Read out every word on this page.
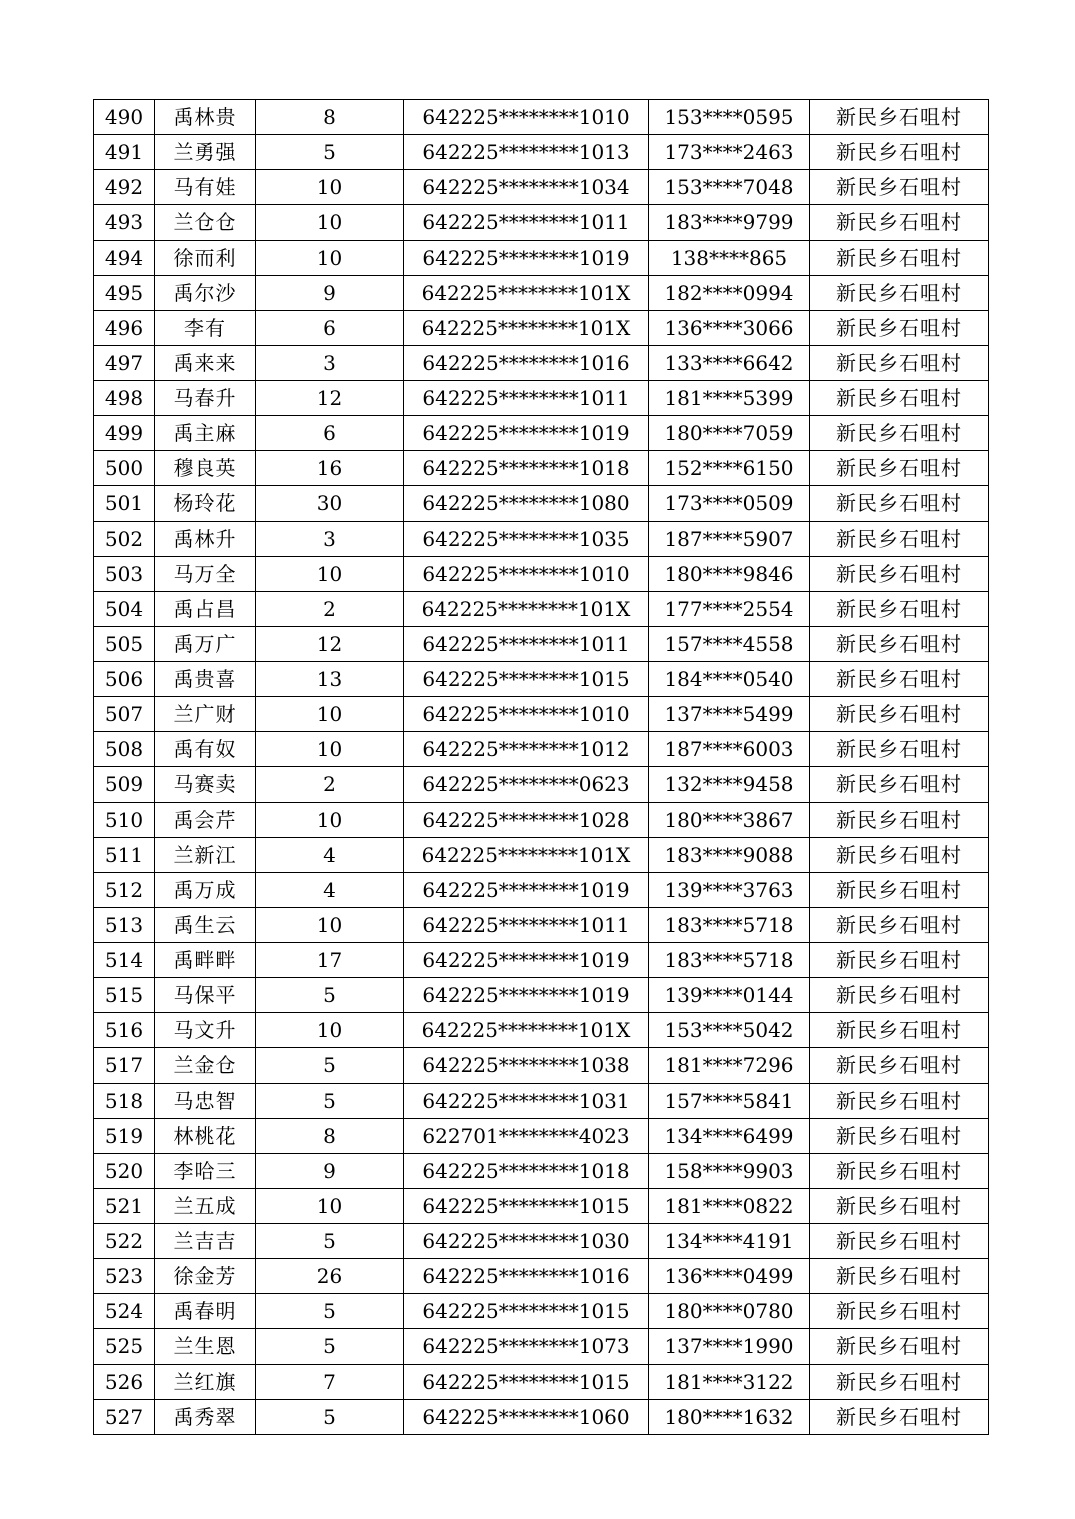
490	禹林贵	8	642225********1010	153****0595	新民乡石咀村
491	兰勇强	5	642225********1013	173****2463	新民乡石咀村
492	马有娃	10	642225********1034	153****7048	新民乡石咀村
493	兰仓仓	10	642225********1011	183****9799	新民乡石咀村
494	徐而利	10	642225********1019	138****865	新民乡石咀村
495	禹尔沙	9	642225********101X	182****0994	新民乡石咀村
496	李有	6	642225********101X	136****3066	新民乡石咀村
497	禹来来	3	642225********1016	133****6642	新民乡石咀村
498	马春升	12	642225********1011	181****5399	新民乡石咀村
499	禹主麻	6	642225********1019	180****7059	新民乡石咀村
500	穆良英	16	642225********1018	152****6150	新民乡石咀村
501	杨玲花	30	642225********1080	173****0509	新民乡石咀村
502	禹林升	3	642225********1035	187****5907	新民乡石咀村
503	马万全	10	642225********1010	180****9846	新民乡石咀村
504	禹占昌	2	642225********101X	177****2554	新民乡石咀村
505	禹万广	12	642225********1011	157****4558	新民乡石咀村
506	禹贵喜	13	642225********1015	184****0540	新民乡石咀村
507	兰广财	10	642225********1010	137****5499	新民乡石咀村
508	禹有奴	10	642225********1012	187****6003	新民乡石咀村
509	马赛卖	2	642225********0623	132****9458	新民乡石咀村
510	禹会芹	10	642225********1028	180****3867	新民乡石咀村
511	兰新江	4	642225********101X	183****9088	新民乡石咀村
512	禹万成	4	642225********1019	139****3763	新民乡石咀村
513	禹生云	10	642225********1011	183****5718	新民乡石咀村
514	禹畔畔	17	642225********1019	183****5718	新民乡石咀村
515	马保平	5	642225********1019	139****0144	新民乡石咀村
516	马文升	10	642225********101X	153****5042	新民乡石咀村
517	兰金仓	5	642225********1038	181****7296	新民乡石咀村
518	马忠智	5	642225********1031	157****5841	新民乡石咀村
519	林桃花	8	622701********4023	134****6499	新民乡石咀村
520	李哈三	9	642225********1018	158****9903	新民乡石咀村
521	兰五成	10	642225********1015	181****0822	新民乡石咀村
522	兰吉吉	5	642225********1030	134****4191	新民乡石咀村
523	徐金芳	26	642225********1016	136****0499	新民乡石咀村
524	禹春明	5	642225********1015	180****0780	新民乡石咀村
525	兰生恩	5	642225********1073	137****1990	新民乡石咀村
526	兰红旗	7	642225********1015	181****3122	新民乡石咀村
527	禹秀翠	5	642225********1060	180****1632	新民乡石咀村
